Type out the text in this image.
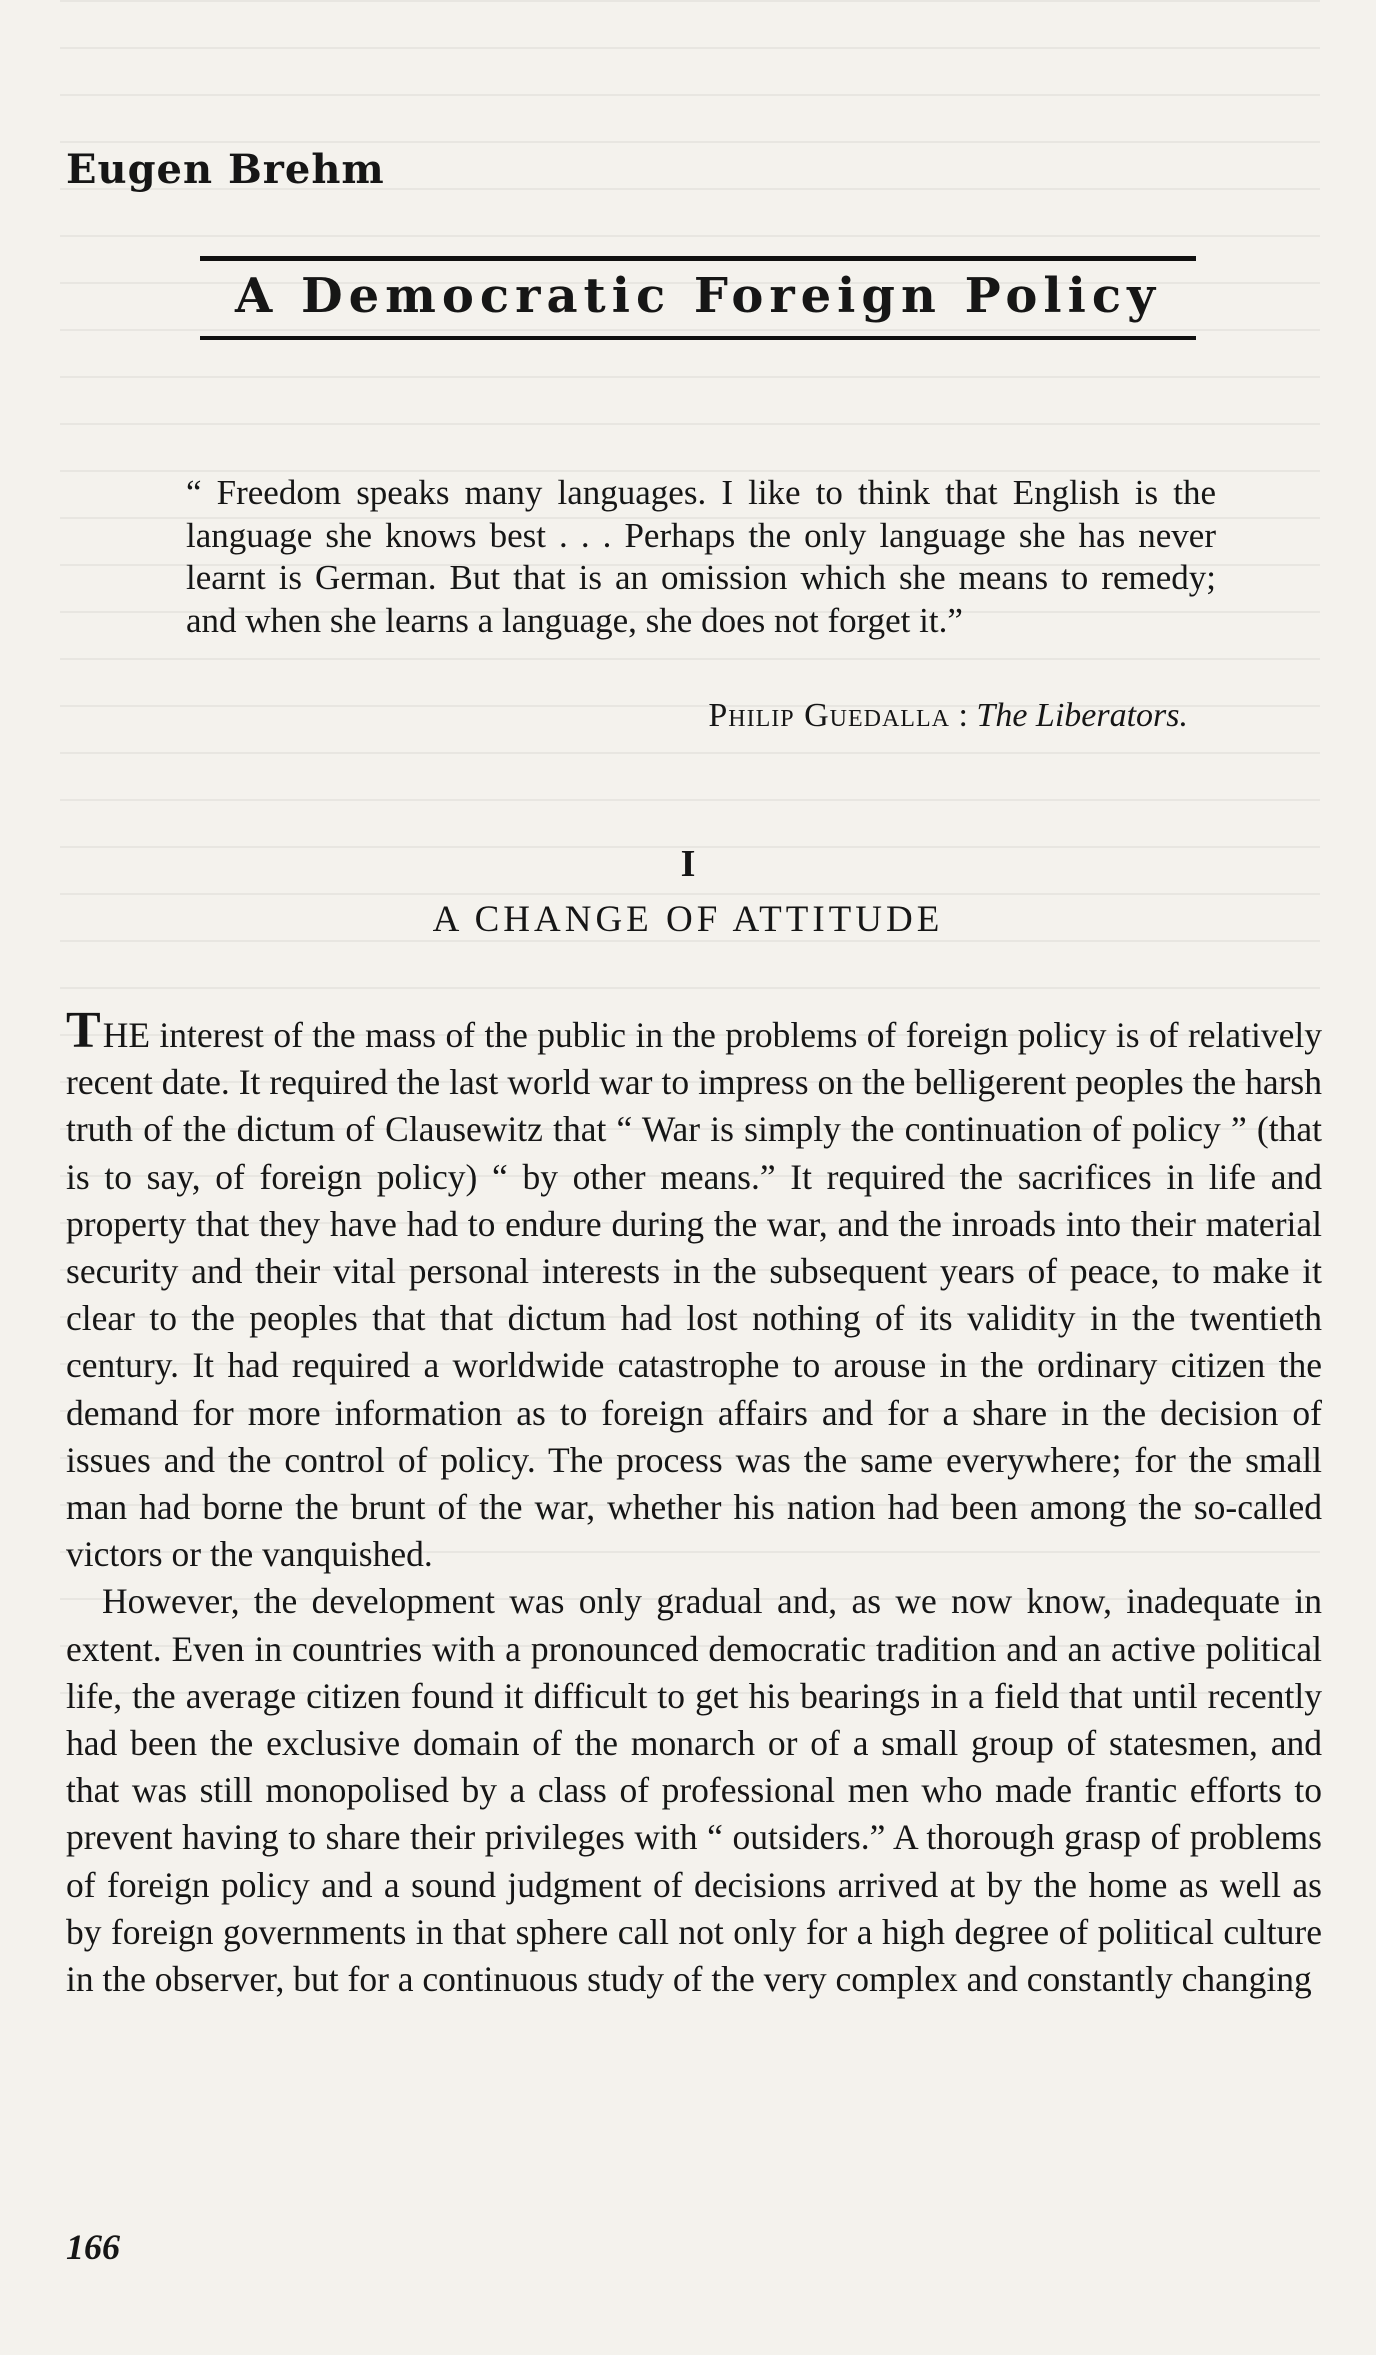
Eugen Brehm
A Democratic Foreign Policy

“ Freedom speaks many languages. I like to think that English is the language she knows best . . . Perhaps the only language she has never learnt is German. But that is an omission which she means to remedy; and when she learns a language, she does not forget it.”

Philip Guedalla : The Liberators.
I
A CHANGE OF ATTITUDE

THE interest of the mass of the public in the problems of foreign policy is of relatively recent date. It required the last world war to impress on the belligerent peoples the harsh truth of the dictum of Clausewitz that “ War is simply the continuation of policy ” (that is to say, of foreign policy) “ by other means.” It required the sacrifices in life and property that they have had to endure during the war, and the inroads into their material security and their vital personal interests in the subsequent years of peace, to make it clear to the peoples that that dictum had lost nothing of its validity in the twentieth century. It had required a worldwide catastrophe to arouse in the ordinary citizen the demand for more information as to foreign affairs and for a share in the decision of issues and the control of policy. The process was the same everywhere; for the small man had borne the brunt of the war, whether his nation had been among the so-called victors or the vanquished.

However, the development was only gradual and, as we now know, inadequate in extent. Even in countries with a pronounced democratic tradition and an active political life, the average citizen found it difficult to get his bearings in a field that until recently had been the exclusive domain of the monarch or of a small group of statesmen, and that was still monopolised by a class of professional men who made frantic efforts to prevent having to share their privileges with “ outsiders.” A thorough grasp of problems of foreign policy and a sound judgment of decisions arrived at by the home as well as by foreign governments in that sphere call not only for a high degree of political culture in the observer, but for a continuous study of the very complex and constantly changing

166
